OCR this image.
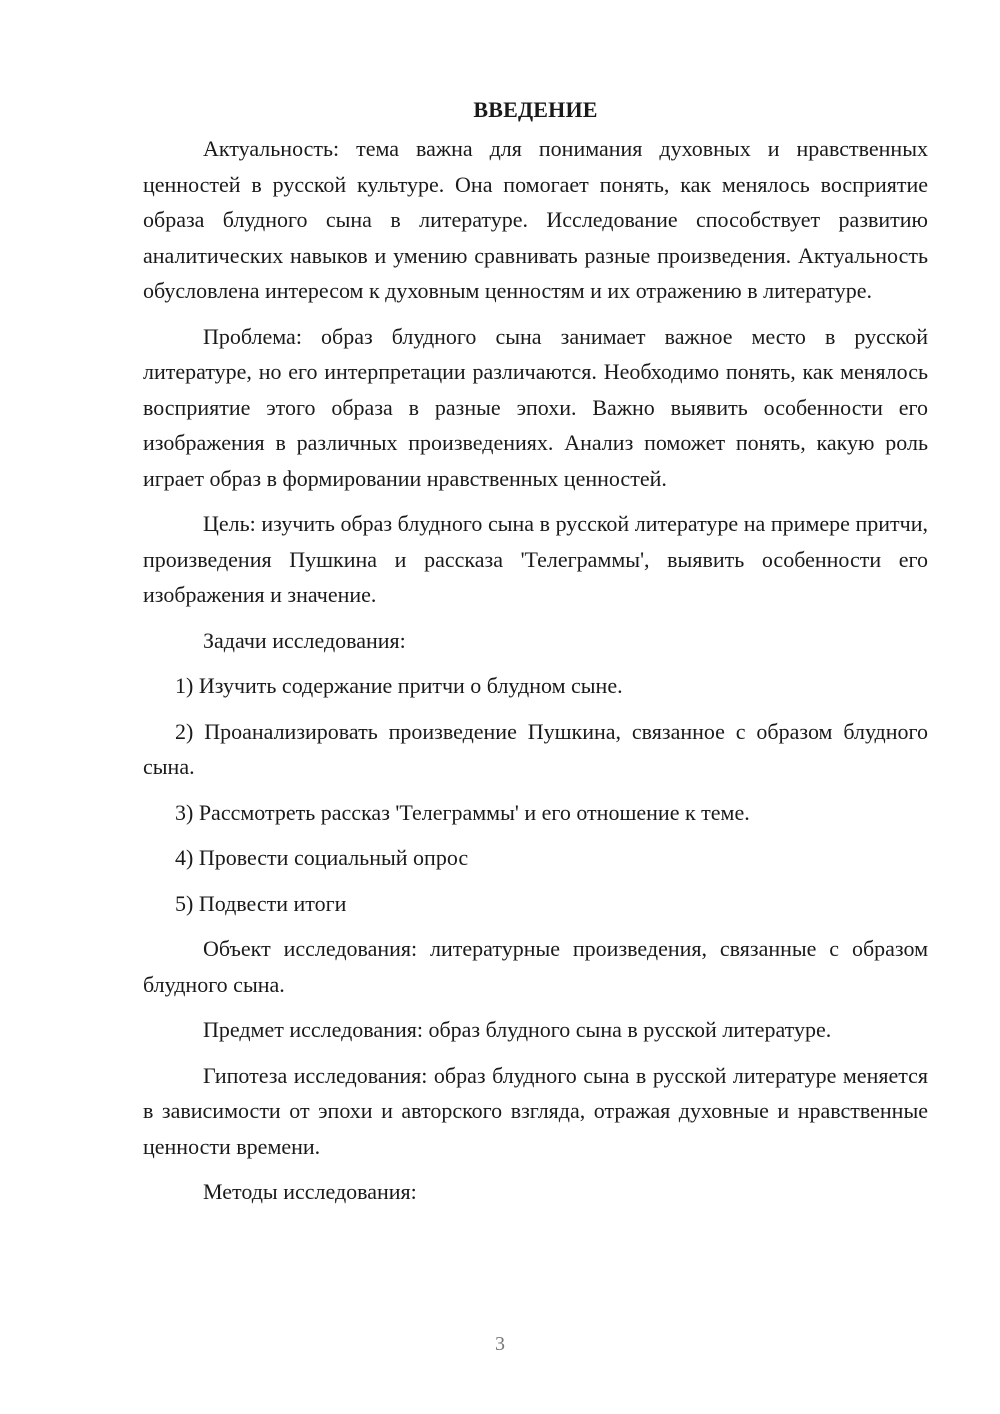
ВВЕДЕНИЕ

Актуальность: тема важна для понимания духовных и нравственных ценностей в русской культуре. Она помогает понять, как менялось восприятие образа блудного сына в литературе. Исследование способствует развитию аналитических навыков и умению сравнивать разные произведения. Актуальность обусловлена интересом к духовным ценностям и их отражению в литературе.

Проблема: образ блудного сына занимает важное место в русской литературе, но его интерпретации различаются. Необходимо понять, как менялось восприятие этого образа в разные эпохи. Важно выявить особенности его изображения в различных произведениях. Анализ поможет понять, какую роль играет образ в формировании нравственных ценностей.

Цель: изучить образ блудного сына в русской литературе на примере притчи, произведения Пушкина и рассказа 'Телеграммы', выявить особенности его изображения и значение.

Задачи исследования:

1) Изучить содержание притчи о блудном сыне.

2) Проанализировать произведение Пушкина, связанное с образом блудного сына.

3) Рассмотреть рассказ 'Телеграммы' и его отношение к теме.

4) Провести социальный опрос

5) Подвести итоги

Объект исследования: литературные произведения, связанные с образом блудного сына.

Предмет исследования: образ блудного сына в русской литературе.

Гипотеза исследования: образ блудного сына в русской литературе меняется в зависимости от эпохи и авторского взгляда, отражая духовные и нравственные ценности времени.

Методы исследования:

3
